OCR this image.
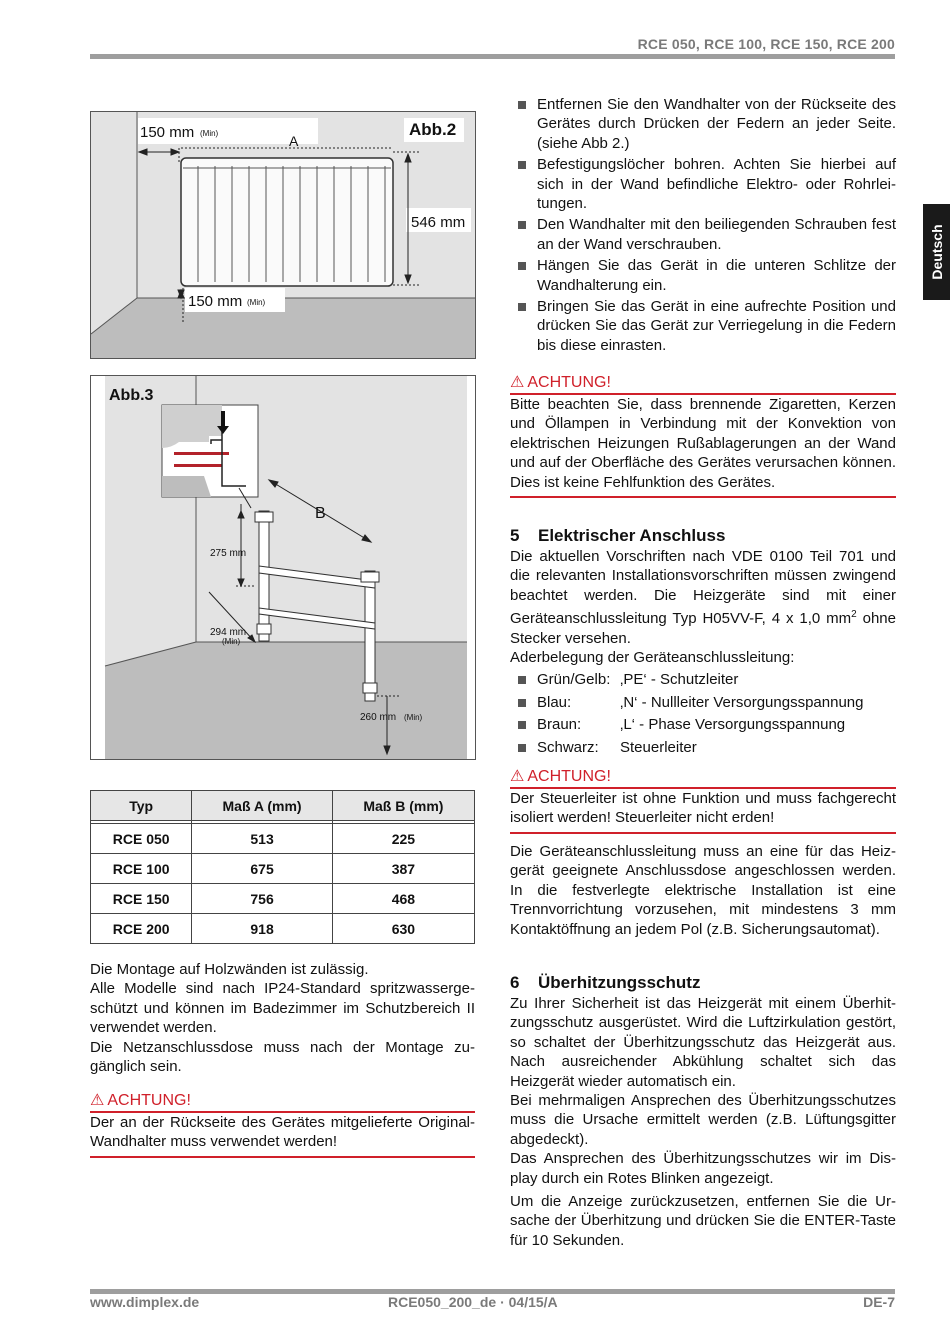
RCE 050, RCE 100, RCE 150, RCE 200
Deutsch
150 mm (Min)	A
Abb.2
546 mm
150 mm (Min)
Abb.3
B
275 mm
294 mm
(Min)
260 mm (Min)
Typ	Maß A (mm)	Maß B (mm)

RCE 050	513	225
RCE 100	675	387
RCE 150	756	468
RCE 200	918	630
Die Montage auf Holzwänden ist zulässig.
Alle Modelle sind nach IP24-Standard spritzwassergeschützt und können im Badezimmer im Schutzbereich II verwendet werden.
Die Netzanschlussdose muss nach der Montage zugänglich sein.
⚠ ACHTUNG!
Der an der Rückseite des Gerätes mitgelieferte Original-Wandhalter muss verwendet werden!
Entfernen Sie den Wandhalter von der Rückseite des Gerätes durch Drücken der Federn an jeder Seite. (siehe Abb 2.)
Befestigungslöcher bohren. Achten Sie hierbei auf sich in der Wand befindliche Elektro- oder Rohrleitungen.
Den Wandhalter mit den beiliegenden Schrauben fest an der Wand verschrauben.
Hängen Sie das Gerät in die unteren Schlitze der Wandhalterung ein.
Bringen Sie das Gerät in eine aufrechte Position und drücken Sie das Gerät zur Verriegelung in die Federn bis diese einrasten.
⚠ ACHTUNG!
Bitte beachten Sie, dass brennende Zigaretten, Kerzen und Öllampen in Verbindung mit der Konvektion von elektrischen Heizungen Rußablagerungen an der Wand und auf der Oberfläche des Gerätes verursachen können. Dies ist keine Fehlfunktion des Gerätes.
5 Elektrischer Anschluss
Die aktuellen Vorschriften nach VDE 0100 Teil 701 und die relevanten Installationsvorschriften müssen zwingend beachtet werden. Die Heizgeräte sind mit einer Geräteanschlussleitung Typ H05VV-F, 4 x 1,0 $mm^2$ ohne Stecker versehen.
Aderbelegung der Geräteanschlussleitung:
Grün/Gelb: ‚PE‘ - Schutzleiter
Blau:	‚N‘ - Nullleiter Versorgungsspannung
Braun:	‚L‘ - Phase Versorgungsspannung
Schwarz: Steuerleiter
⚠ ACHTUNG!
Der Steuerleiter ist ohne Funktion und muss fachgerecht isoliert werden! Steuerleiter nicht erden!
Die Geräteanschlussleitung muss an eine für das Heizgerät geeignete Anschlussdose angeschlossen werden. In die festverlegte elektrische Installation ist eine Trennvorrichtung vorzusehen, mit mindestens 3 mm Kontaktöffnung an jedem Pol (z.B. Sicherungsautomat).
6 Überhitzungsschutz
Zu Ihrer Sicherheit ist das Heizgerät mit einem Überhitzungsschutz ausgerüstet. Wird die Luftzirkulation gestört, so schaltet der Überhitzungsschutz das Heizgerät aus. Nach ausreichender Abkühlung schaltet sich das Heizgerät wieder automatisch ein.
Bei mehrmaligen Ansprechen des Überhitzungsschutzes muss die Ursache ermittelt werden (z.B. Lüftungsgitter abgedeckt).
Das Ansprechen des Überhitzungsschutzes wir im Display durch ein Rotes Blinken angezeigt.
Um die Anzeige zurückzusetzen, entfernen Sie die Ursache der Überhitzung und drücken Sie die ENTER-Taste für 10 Sekunden.
www.dimplex.de	RCE050_200_de · 04/15/A	DE-7
